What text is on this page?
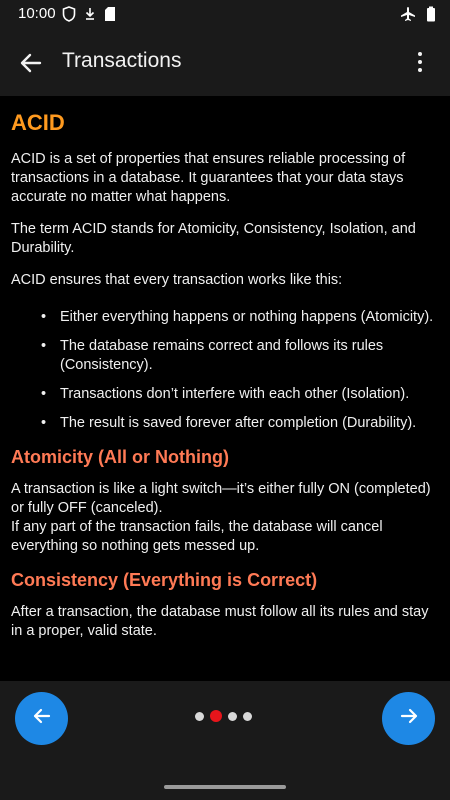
10:00
Transactions
ACID

ACID is a set of properties that ensures reliable processing of transactions in a database. It guarantees that your data stays accurate no matter what happens.

The term ACID stands for Atomicity, Consistency, Isolation, and Durability.

ACID ensures that every transaction works like this:

• Either everything happens or nothing happens (Atomicity).
• The database remains correct and follows its rules (Consistency).
• Transactions don’t interfere with each other (Isolation).
• The result is saved forever after completion (Durability).
Atomicity (All or Nothing)

A transaction is like a light switch—it’s either fully ON (completed) or fully OFF (canceled).

If any part of the transaction fails, the database will cancel everything so nothing gets messed up.

Consistency (Everything is Correct)

After a transaction, the database must follow all its rules and stay in a proper, valid state.
